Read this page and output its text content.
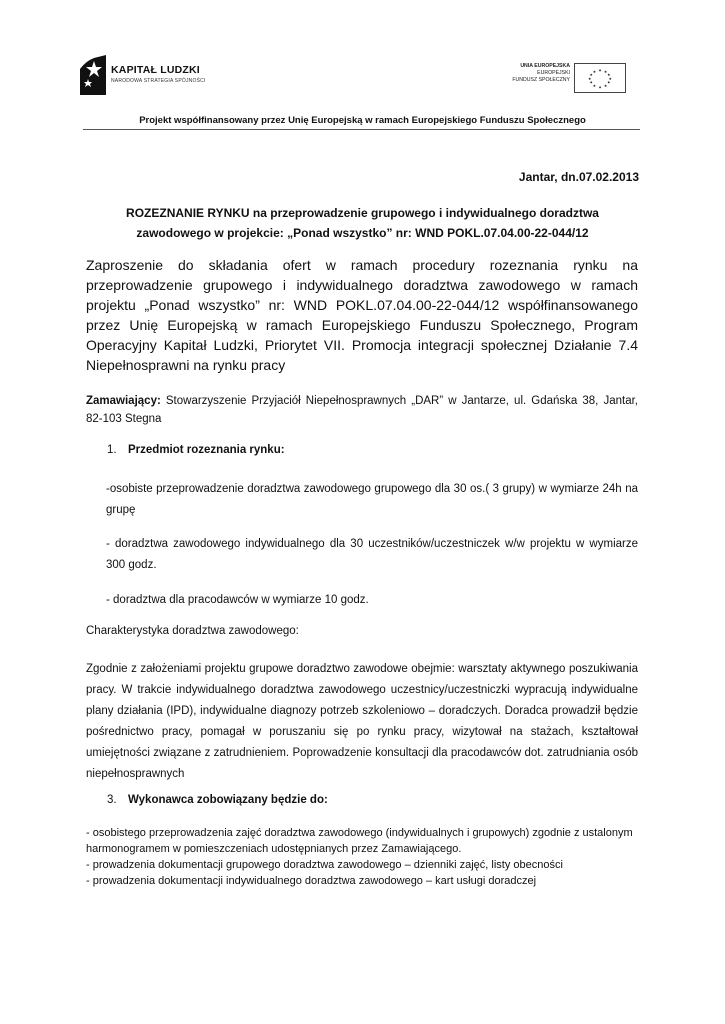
KAPITAŁ LUDZKI
NARODOWA STRATEGIA SPÓJNOŚCI
UNIA EUROPEJSKA
EUROPEJSKI
FUNDUSZ SPOŁECZNY
★ ★
★
★
★
★
★
★
★
★
★
★
Projekt współfinansowany przez Unię Europejską w ramach Europejskiego Funduszu Społecznego
Jantar, dn.07.02.2013
ROZEZNANIE RYNKU na przeprowadzenie grupowego i indywidualnego doradztwa
zawodowego w projekcie: „Ponad wszystko” nr: WND POKL.07.04.00-22-044/12
Zaproszenie do składania ofert w ramach procedury rozeznania rynku na przeprowadzenie grupowego i indywidualnego doradztwa zawodowego w ramach projektu „Ponad wszystko” nr: WND POKL.07.04.00-22-044/12 współfinansowanego przez Unię Europejską w ramach Europejskiego Funduszu Społecznego, Program Operacyjny Kapitał Ludzki, Priorytet VII. Promocja integracji społecznej Działanie 7.4 Niepełnosprawni na rynku pracy
Zamawiający: Stowarzyszenie Przyjaciół Niepełnosprawnych „DAR” w Jantarze, ul. Gdańska 38, Jantar, 82-103 Stegna
1. Przedmiot rozeznania rynku:
-osobiste przeprowadzenie doradztwa zawodowego grupowego dla 30 os.( 3 grupy) w wymiarze 24h na grupę
- doradztwa zawodowego indywidualnego dla 30 uczestników/uczestniczek w/w projektu w wymiarze 300 godz.
- doradztwa dla pracodawców w wymiarze 10 godz.
Charakterystyka doradztwa zawodowego:
Zgodnie z założeniami projektu grupowe doradztwo zawodowe obejmie: warsztaty aktywnego poszukiwania pracy. W trakcie indywidualnego doradztwa zawodowego uczestnicy/uczestniczki wypracują indywidualne plany działania (IPD), indywidualne diagnozy potrzeb szkoleniowo – doradczych. Doradca prowadził będzie pośrednictwo pracy, pomagał w poruszaniu się po rynku pracy, wizytował na stażach, kształtował umiejętności związane z zatrudnieniem. Poprowadzenie konsultacji dla pracodawców dot. zatrudniania osób niepełnosprawnych
3. Wykonawca zobowiązany będzie do:
- osobistego przeprowadzenia zajęć doradztwa zawodowego (indywidualnych i grupowych) zgodnie z ustalonym harmonogramem w pomieszczeniach udostępnianych przez Zamawiającego.
- prowadzenia dokumentacji grupowego doradztwa zawodowego – dzienniki zajęć, listy obecności
- prowadzenia dokumentacji indywidualnego doradztwa zawodowego – kart usługi doradczej
